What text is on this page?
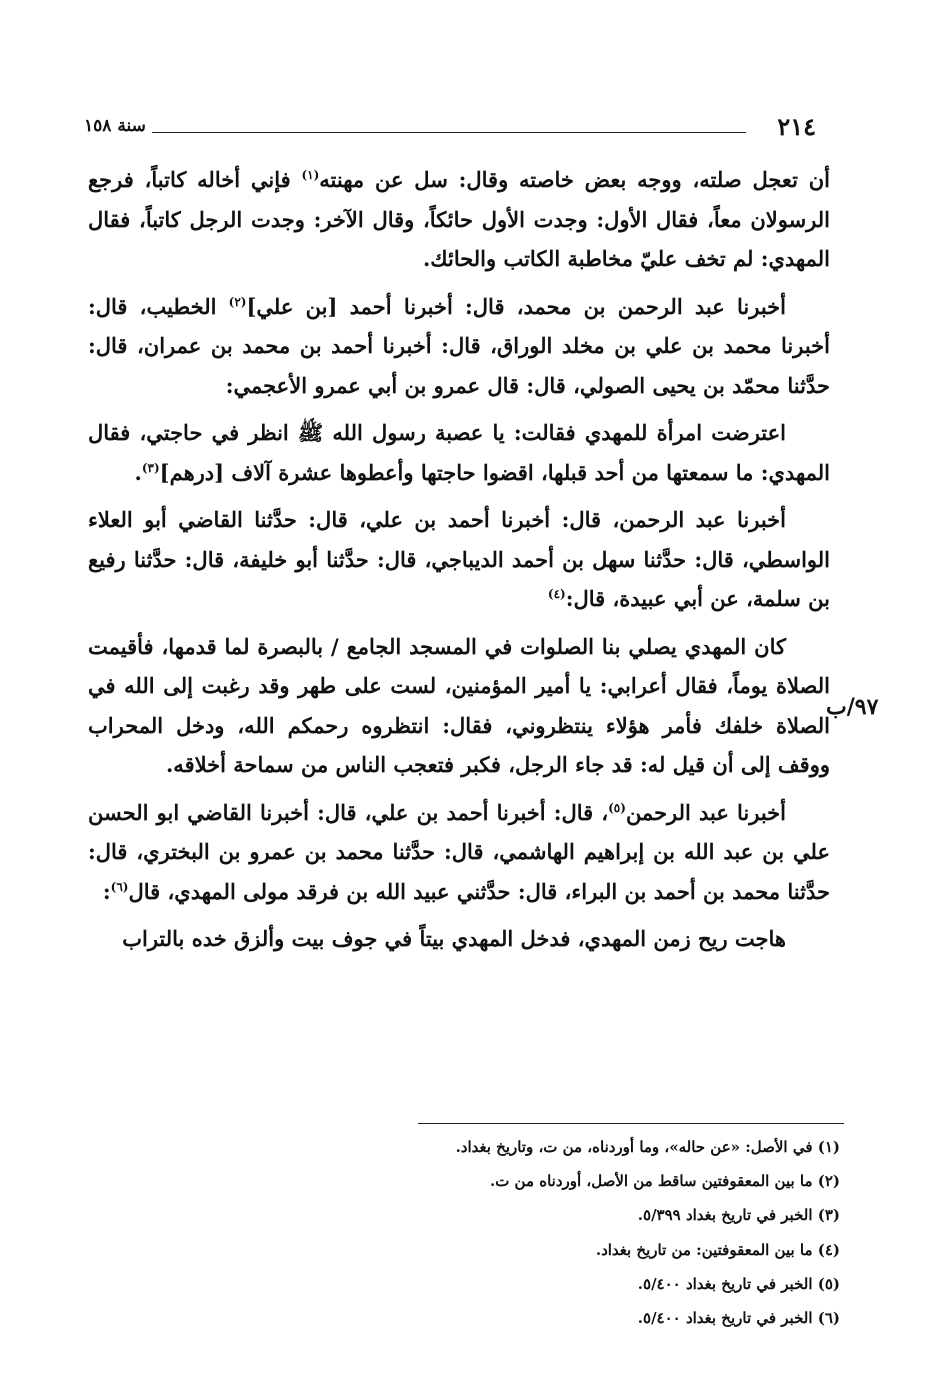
٢١٤
سنة ١٥٨
٩٧/ب

أن تعجل صلته، ووجه بعض خاصته وقال: سل عن مهنته$^{(١)}$ فإني أخاله كاتباً، فرجع الرسولان معاً، فقال الأول: وجدت الأول حائكاً، وقال الآخر: وجدت الرجل كاتباً، فقال المهدي: لم تخف عليّ مخاطبة الكاتب والحائك.

أخبرنا عبد الرحمن بن محمد، قال: أخبرنا أحمد [بن علي]$^{(٢)}$ الخطيب، قال: أخبرنا محمد بن علي بن مخلد الوراق، قال: أخبرنا أحمد بن محمد بن عمران، قال: حدَّثنا محمّد بن يحيى الصولي، قال: قال عمرو بن أبي عمرو الأعجمي:

اعترضت امرأة للمهدي فقالت: يا عصبة رسول الله ﷺ انظر في حاجتي، فقال المهدي: ما سمعتها من أحد قبلها، اقضوا حاجتها وأعطوها عشرة آلاف [درهم]$^{(٣)}$.

أخبرنا عبد الرحمن، قال: أخبرنا أحمد بن علي، قال: حدَّثنا القاضي أبو العلاء الواسطي، قال: حدَّثنا سهل بن أحمد الديباجي، قال: حدَّثنا أبو خليفة، قال: حدَّثنا رفيع بن سلمة، عن أبي عبيدة، قال:$^{(٤)}$

كان المهدي يصلي بنا الصلوات في المسجد الجامع / بالبصرة لما قدمها، فأقيمت الصلاة يوماً، فقال أعرابي: يا أمير المؤمنين، لست على طهر وقد رغبت إلى الله في الصلاة خلفك فأمر هؤلاء ينتظروني، فقال: انتظروه رحمكم الله، ودخل المحراب ووقف إلى أن قيل له: قد جاء الرجل، فكبر فتعجب الناس من سماحة أخلاقه.

أخبرنا عبد الرحمن$^{(٥)}$، قال: أخبرنا أحمد بن علي، قال: أخبرنا القاضي ابو الحسن علي بن عبد الله بن إبراهيم الهاشمي، قال: حدَّثنا محمد بن عمرو بن البختري، قال: حدَّثنا محمد بن أحمد بن البراء، قال: حدَّثني عبيد الله بن فرقد مولى المهدي، قال$^{(٦)}$:

هاجت ريح زمن المهدي، فدخل المهدي بيتاً في جوف بيت وألزق خده بالتراب

(١) في الأصل: «عن حاله»، وما أوردناه، من ت، وتاريخ بغداد.
(٢) ما بين المعقوفتين ساقط من الأصل، أوردناه من ت.
(٣) الخبر في تاريخ بغداد ٥/٣٩٩.
(٤) ما بين المعقوفتين: من تاريخ بغداد.
(٥) الخبر في تاريخ بغداد ٥/٤٠٠.
(٦) الخبر في تاريخ بغداد ٥/٤٠٠.
